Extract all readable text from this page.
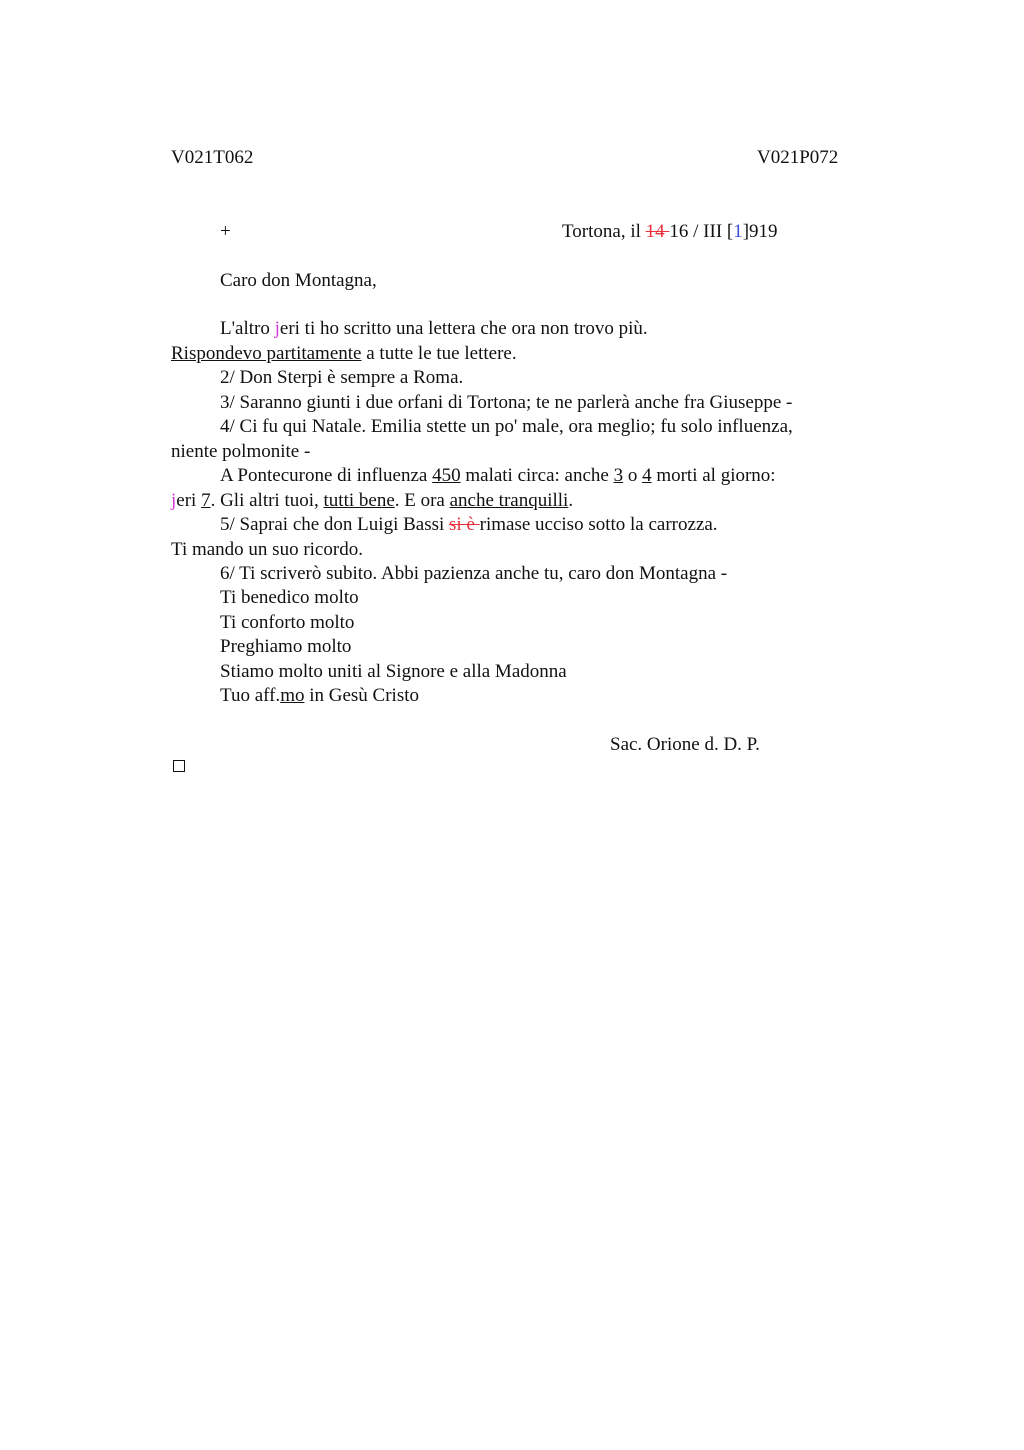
V021T062	V021P072
+	Tortona, il 14 16 / III [1]919
Caro don Montagna,
L'altro jeri ti ho scritto una lettera che ora non trovo più.
Rispondevo partitamente a tutte le tue lettere.
2/ Don Sterpi è sempre a Roma.
3/ Saranno giunti i due orfani di Tortona; te ne parlerà anche fra Giuseppe -
4/ Ci fu qui Natale. Emilia stette un po' male, ora meglio; fu solo influenza,
niente polmonite -
A Pontecurone di influenza 450 malati circa: anche 3 o 4 morti al giorno:
jeri 7. Gli altri tuoi, tutti bene. E ora anche tranquilli.
5/ Saprai che don Luigi Bassi si è rimase ucciso sotto la carrozza.
Ti mando un suo ricordo.
6/ Ti scriverò subito. Abbi pazienza anche tu, caro don Montagna -
Ti benedico molto
Ti conforto molto
Preghiamo molto
Stiamo molto uniti al Signore e alla Madonna
Tuo aff.mo in Gesù Cristo
Sac. Orione d. D. P.
